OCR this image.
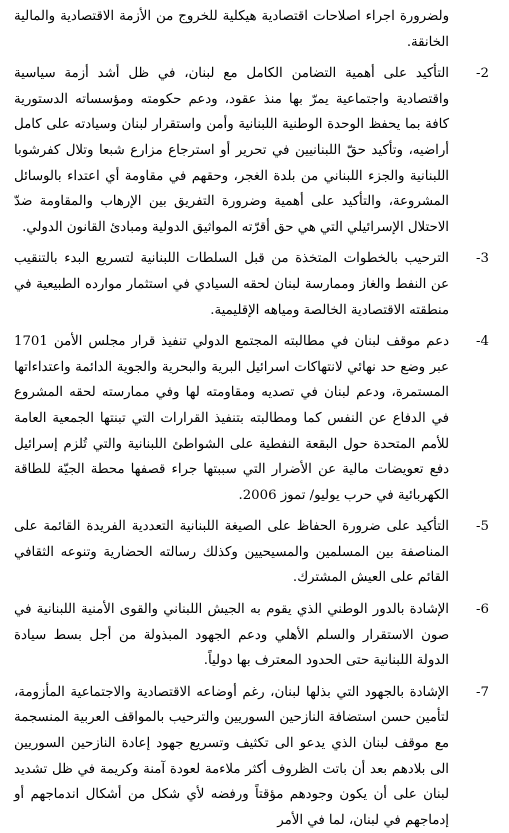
ولضرورة اجراء اصلاحات اقتصادية هيكلية للخروج من الأزمة الاقتصادية والمالية الخانقة.
-2
التأكيد على أهمية التضامن الكامل مع لبنان، في ظل أشد أزمة سياسية واقتصادية واجتماعية يمرّ بها منذ عقود، ودعم حكومته ومؤسساته الدستورية كافة بما يحفظ الوحدة الوطنية اللبنانية وأمن واستقرار لبنان وسيادته على كامل أراضيه، وتأكيد حقّ اللبنانيين في تحرير أو استرجاع مزارع شبعا وتلال كفرشوبا اللبنانية والجزء اللبناني من بلدة الغجر، وحقهم في مقاومة أي اعتداء بالوسائل المشروعة، والتأكيد على أهمية وضرورة التفريق بين الإرهاب والمقاومة ضدّ الاحتلال الإسرائيلي التي هي حق أقرّته المواثيق الدولية ومبادئ القانون الدولي.
-3
الترحيب بالخطوات المتخذة من قبل السلطات اللبنانية لتسريع البدء بالتنقيب عن النفط والغاز وممارسة لبنان لحقه السيادي في استثمار موارده الطبيعية في منطقته الاقتصادية الخالصة ومياهه الإقليمية.
-4
دعم موقف لبنان في مطالبته المجتمع الدولي تنفيذ قرار مجلس الأمن 1701 عبر وضع حد نهائي لانتهاكات اسرائيل البرية والبحرية والجوية الدائمة واعتداءاتها المستمرة، ودعم لبنان في تصديه ومقاومته لها وفي ممارسته لحقه المشروع في الدفاع عن النفس كما ومطالبته بتنفيذ القرارات التي تبنتها الجمعية العامة للأمم المتحدة حول البقعة النفطية على الشواطئ اللبنانية والتي تُلزم إسرائيل دفع تعويضات مالية عن الأضرار التي سببتها جراء قصفها محطة الجيّة للطاقة الكهربائية في حرب يوليو/ تموز 2006.
-5
التأكيد على ضرورة الحفاظ على الصيغة اللبنانية التعددية الفريدة القائمة على المناصفة بين المسلمين والمسيحيين وكذلك رسالته الحضارية وتنوعه الثقافي القائم على العيش المشترك.
-6
الإشادة بالدور الوطني الذي يقوم به الجيش اللبناني والقوى الأمنية اللبنانية في صون الاستقرار والسلم الأهلي ودعم الجهود المبذولة من أجل بسط سيادة الدولة اللبنانية حتى الحدود المعترف بها دولياً.
-7
الإشادة بالجهود التي بذلها لبنان، رغم أوضاعه الاقتصادية والاجتماعية المأزومة، لتأمين حسن استضافة النازحين السوريين والترحيب بالمواقف العربية المنسجمة مع موقف لبنان الذي يدعو الى تكثيف وتسريع جهود إعادة النازحين السوريين الى بلادهم بعد أن باتت الظروف أكثر ملاءمة لعودة آمنة وكريمة في ظل تشديد لبنان على أن يكون وجودهم مؤقتاً ورفضه لأي شكل من أشكال اندماجهم أو إدماجهم في لبنان، لما في الأمر
